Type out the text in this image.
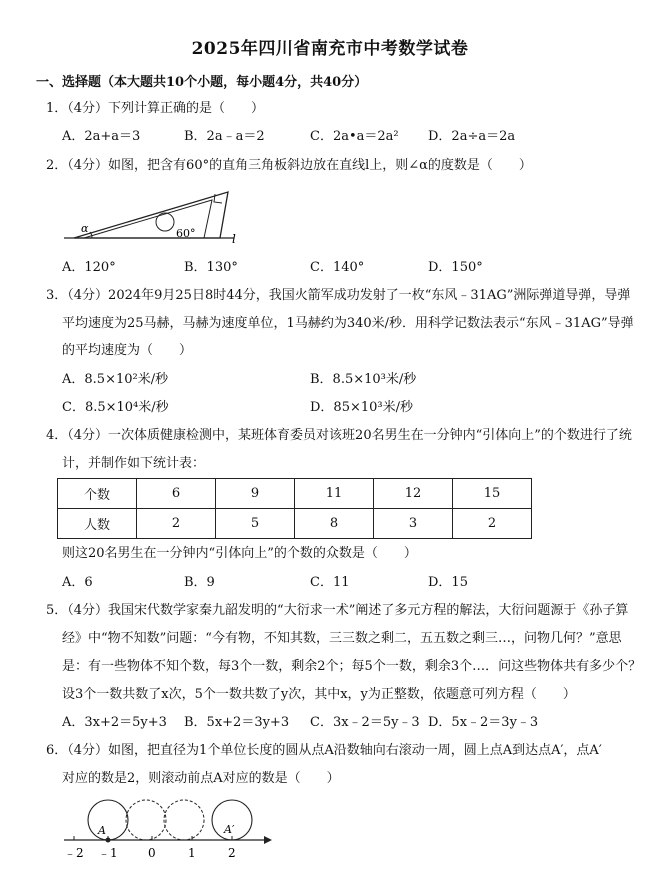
2025年四川省南充市中考数学试卷
一、选择题（本大题共10个小题，每小题4分，共40分）
1．（4分）下列计算正确的是（　　）
A．2a+a＝3	B．2a﹣a＝2	C．2a•a＝2a² D．2a÷a＝2a
2．（4分）如图，把含有60°的直角三角板斜边放在直线l上，则∠α的度数是（　　）
α	60°	l
A．120°	B．130°	C．140°	D．150°
3．（4分）2024年9月25日8时44分，我国火箭军成功发射了一枚“东风﹣31AG”洲际弹道导弹，导弹
平均速度为25马赫，马赫为速度单位，1马赫约为340米/秒．用科学记数法表示“东风﹣31AG”导弹
的平均速度为（　　）
A．8.5×10²米/秒	B．8.5×10³米/秒
C．8.5×10⁴米/秒	D．85×10³米/秒
4．（4分）一次体质健康检测中，某班体育委员对该班20名男生在一分钟内“引体向上”的个数进行了统
计，并制作如下统计表：
个数	6	9	11	12	15
人数	2	5	8	3	2
则这20名男生在一分钟内“引体向上”的个数的众数是（　　）
A．6	B．9	C．11	D．15
5．（4分）我国宋代数学家秦九韶发明的“大衍求一术”阐述了多元方程的解法，大衍问题源于《孙子算
经》中“物不知数”问题：“今有物，不知其数，三三数之剩二，五五数之剩三…，问物几何？”意思
是：有一些物体不知个数，每3个一数，剩余2个；每5个一数，剩余3个…．问这些物体共有多少个？
设3个一数共数了x次，5个一数共数了y次，其中x，y为正整数，依题意可列方程（　　）
A．3x+2＝5y+3 B．5x+2＝3y+3 C．3x﹣2＝5y﹣3 D．5x﹣2＝3y﹣3
6．（4分）如图，把直径为1个单位长度的圆从点A沿数轴向右滚动一周，圆上点A到达点A′，点A′
对应的数是2，则滚动前点A对应的数是（　　）
A	A′
﹣2 ﹣1	0	1	2
